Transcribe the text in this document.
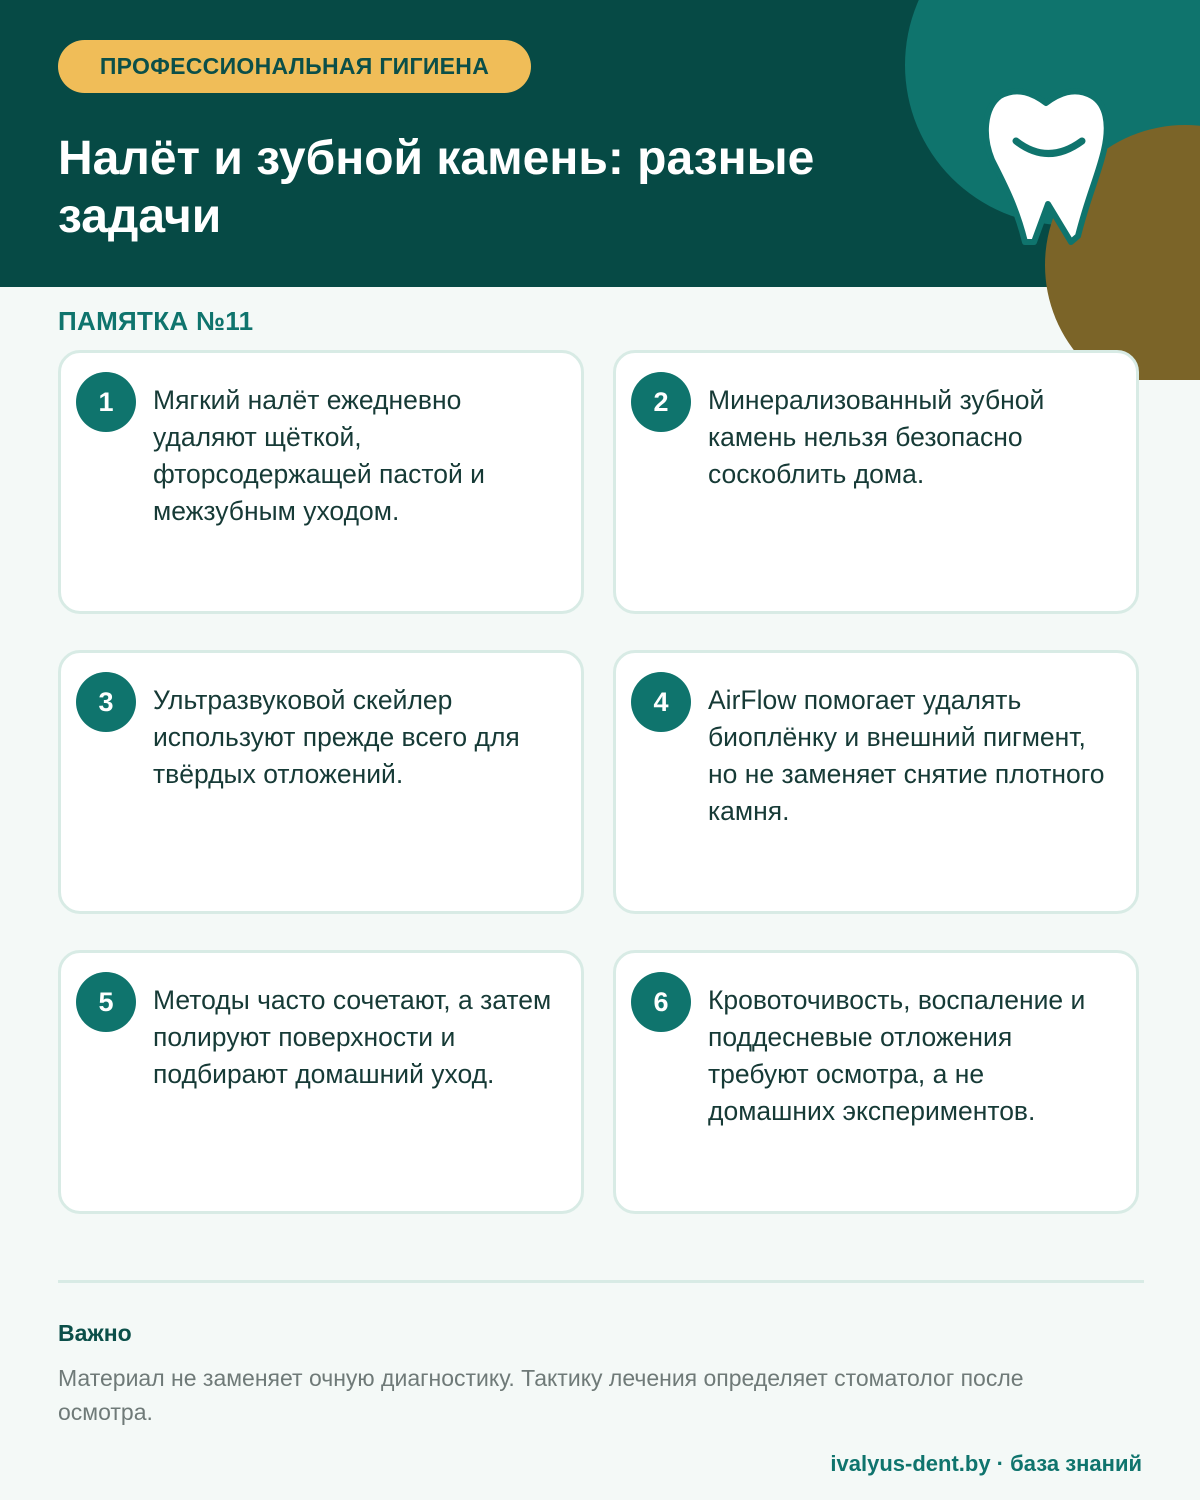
ПРОФЕССИОНАЛЬНАЯ ГИГИЕНА
Налёт и зубной камень: разные задачи
ПАМЯТКА №11
1	Мягкий налёт ежедневно удаляют щёткой, фторсодержащей пастой и межзубным уходом.

2	Минерализованный зубной камень нельзя безопасно соскоблить дома.

3	Ультразвуковой скейлер используют прежде всего для твёрдых отложений.

4	AirFlow помогает удалять биоплёнку и внешний пигмент, но не заменяет снятие плотного камня.

5	Методы часто сочетают, а затем полируют поверхности и подбирают домашний уход.

6	Кровоточивость, воспаление и поддесневые отложения требуют осмотра, а не домашних экспериментов.

Важно

Материал не заменяет очную диагностику. Тактику лечения определяет стоматолог после осмотра.

ivalyus-dent.by · база знаний
